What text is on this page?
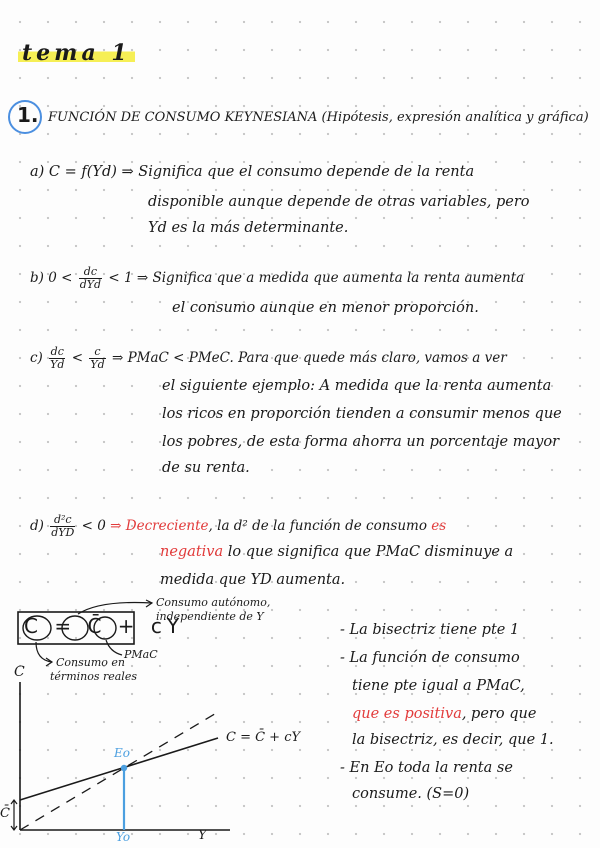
tema 1
1. FUNCIÓN DE CONSUMO KEYNESIANA (Hipótesis, expresión analítica y gráfica)
a) C = f(Yd) ⇒ Significa que el consumo depende de la renta
disponible aunque depende de otras variables, pero
Yd es la más determinante.
b) $0 < \frac{dc}{\text{dYd}} < 1$ ⇒ Significa que a medida que aumenta la renta aumenta
el consumo aunque en menor proporción.
$c) \frac{dc}{Yd} < \frac{c}{Yd}$ ⇒ PMaC < PMeC. Para que quede más claro, vamos a ver
el siguiente ejemplo: A medida que la renta aumenta
los ricos en proporción tienden a consumir menos que
los pobres, de esta forma ahorra un porcentaje mayor
de su renta.
$d) \frac{\text{d²c}}{\text{dYD}} < 0$ ⇒ Decreciente, la d² de la función de consumo es
negativa lo que significa que PMaC disminuye a
medida que YD aumenta.
C = C̄ + cY
Consumo autónomo,
independiente de Y
PMaC
Consumo en
términos reales
C
Y
C = C̄ + cY
Eo
Yo
C̄
- La bisectriz tiene pte 1
- La función de consumo
tiene pte igual a PMaC,
que es positiva, pero que
la bisectriz, es decir, que 1.
- En Eo toda la renta se
consume. (S=0)
